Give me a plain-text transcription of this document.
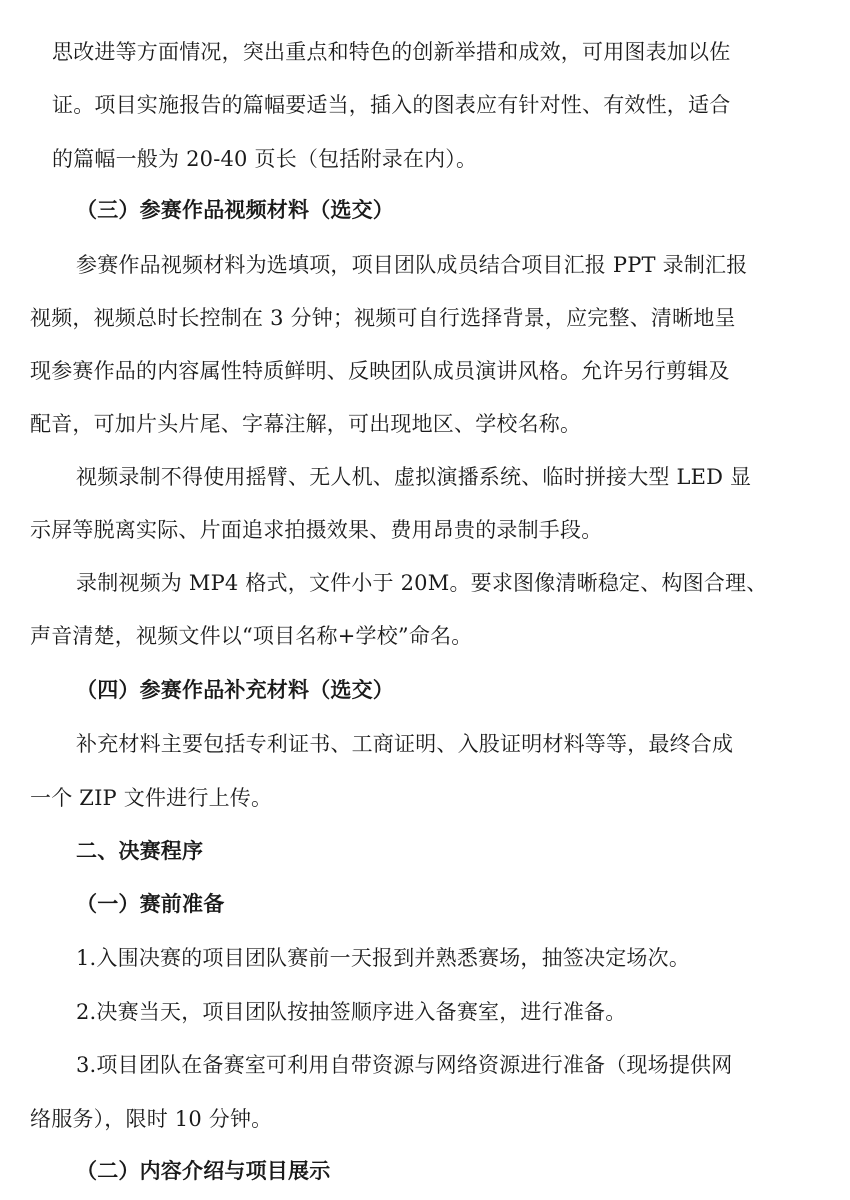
思改进等方面情况，突出重点和特色的创新举措和成效，可用图表加以佐

证。项目实施报告的篇幅要适当，插入的图表应有针对性、有效性，适合

的篇幅一般为 20-40 页长（包括附录在内）。

（三）参赛作品视频材料（选交）

参赛作品视频材料为选填项，项目团队成员结合项目汇报 PPT 录制汇报

视频，视频总时长控制在 3 分钟；视频可自行选择背景，应完整、清晰地呈

现参赛作品的内容属性特质鲜明、反映团队成员演讲风格。允许另行剪辑及

配音，可加片头片尾、字幕注解，可出现地区、学校名称。

视频录制不得使用摇臂、无人机、虚拟演播系统、临时拼接大型 LED 显

示屏等脱离实际、片面追求拍摄效果、费用昂贵的录制手段。

录制视频为 MP4 格式，文件小于 20M。要求图像清晰稳定、构图合理、

声音清楚，视频文件以“项目名称+学校”命名。

（四）参赛作品补充材料（选交）

补充材料主要包括专利证书、工商证明、入股证明材料等等，最终合成

一个 ZIP 文件进行上传。

二、决赛程序

（一）赛前准备

1.入围决赛的项目团队赛前一天报到并熟悉赛场，抽签决定场次。

2.决赛当天，项目团队按抽签顺序进入备赛室，进行准备。

3.项目团队在备赛室可利用自带资源与网络资源进行准备（现场提供网

络服务），限时 10 分钟。

（二）内容介绍与项目展示
